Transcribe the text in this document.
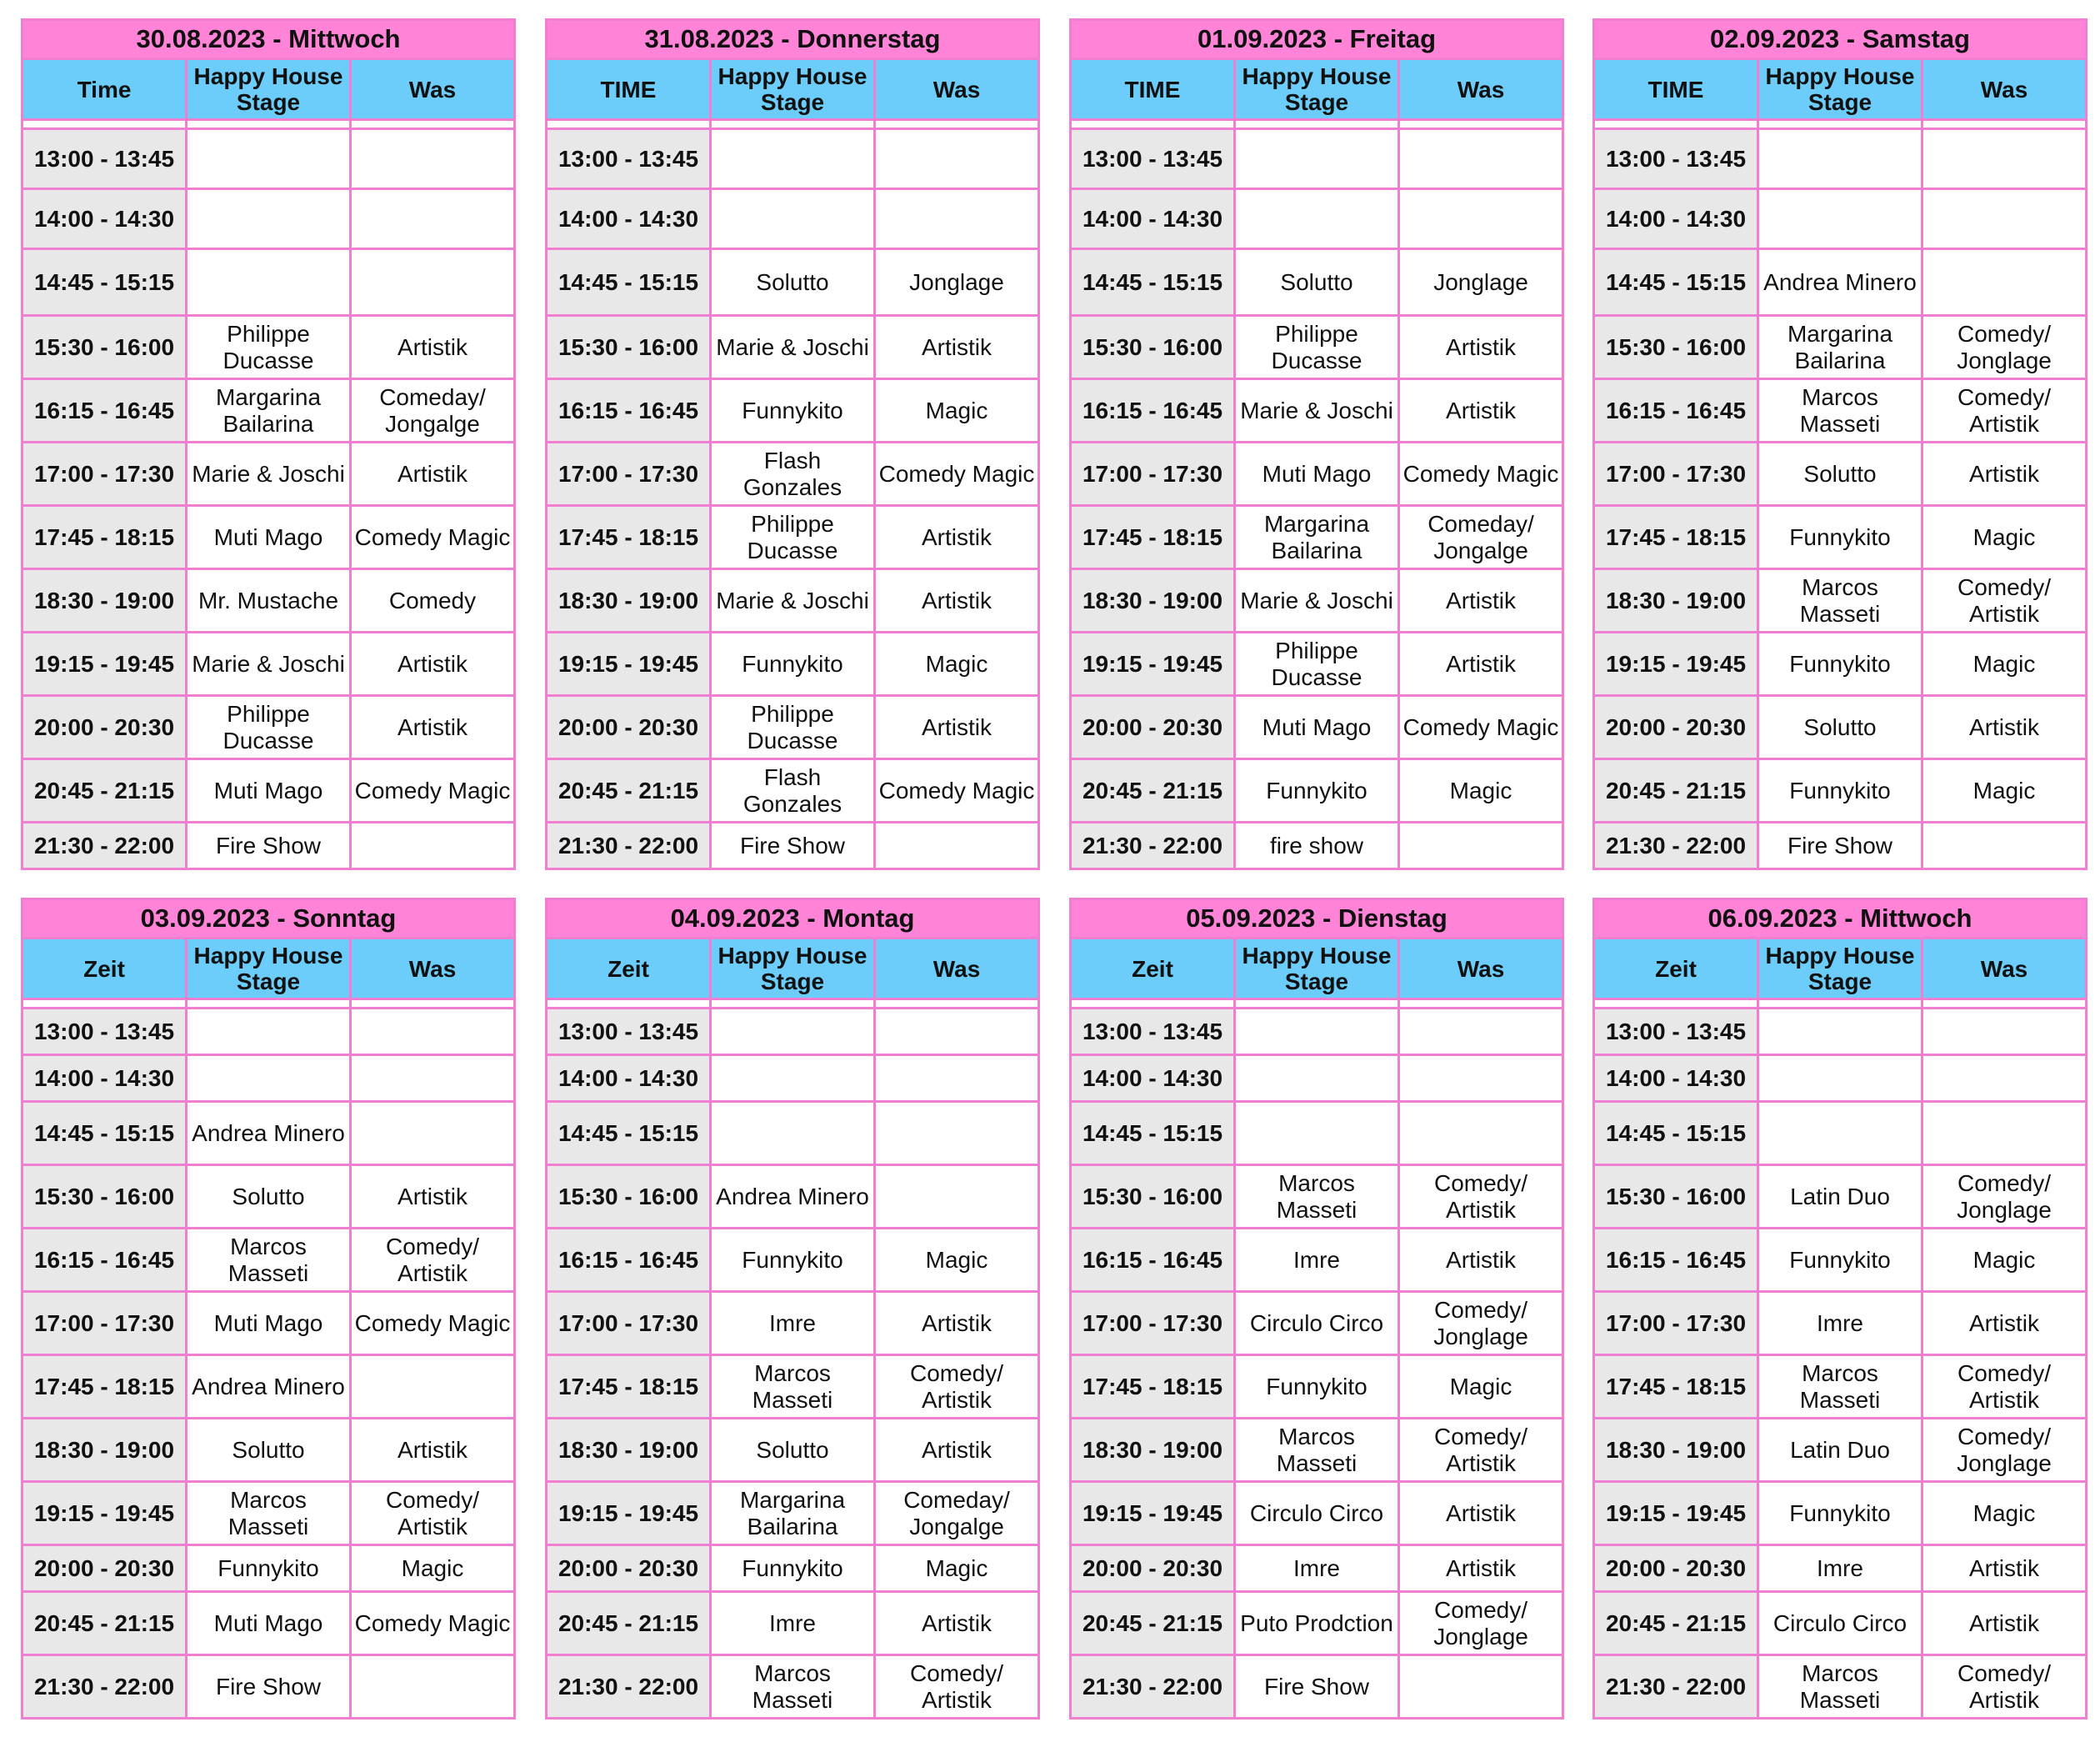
30.08.2023 - Mittwoch		
Time	Happy House Stage	Was

13:00 - 13:45		
14:00 - 14:30		
14:45 - 15:15		
15:30 - 16:00	Philippe Ducasse	Artistik
16:15 - 16:45	Margarina Bailarina	Comeday/ Jongalge
17:00 - 17:30	Marie & Joschi	Artistik
17:45 - 18:15	Muti Mago	Comedy Magic
18:30 - 19:00	Mr. Mustache	Comedy
19:15 - 19:45	Marie & Joschi	Artistik
20:00 - 20:30	Philippe Ducasse	Artistik
20:45 - 21:15	Muti Mago	Comedy Magic
21:30 - 22:00	Fire Show	
31.08.2023 - Donnerstag		
TIME	Happy House Stage	Was

13:00 - 13:45		
14:00 - 14:30		
14:45 - 15:15	Solutto	Jonglage
15:30 - 16:00	Marie & Joschi	Artistik
16:15 - 16:45	Funnykito	Magic
17:00 - 17:30	Flash Gonzales	Comedy Magic
17:45 - 18:15	Philippe Ducasse	Artistik
18:30 - 19:00	Marie & Joschi	Artistik
19:15 - 19:45	Funnykito	Magic
20:00 - 20:30	Philippe Ducasse	Artistik
20:45 - 21:15	Flash Gonzales	Comedy Magic
21:30 - 22:00	Fire Show	
01.09.2023 - Freitag		
TIME	Happy House Stage	Was

13:00 - 13:45		
14:00 - 14:30		
14:45 - 15:15	Solutto	Jonglage
15:30 - 16:00	Philippe Ducasse	Artistik
16:15 - 16:45	Marie & Joschi	Artistik
17:00 - 17:30	Muti Mago	Comedy Magic
17:45 - 18:15	Margarina Bailarina	Comeday/ Jongalge
18:30 - 19:00	Marie & Joschi	Artistik
19:15 - 19:45	Philippe Ducasse	Artistik
20:00 - 20:30	Muti Mago	Comedy Magic
20:45 - 21:15	Funnykito	Magic
21:30 - 22:00	fire show	
02.09.2023 - Samstag		
TIME	Happy House Stage	Was

13:00 - 13:45		
14:00 - 14:30		
14:45 - 15:15	Andrea Minero	
15:30 - 16:00	Margarina Bailarina	Comedy/ Jonglage
16:15 - 16:45	Marcos Masseti	Comedy/ Artistik
17:00 - 17:30	Solutto	Artistik
17:45 - 18:15	Funnykito	Magic
18:30 - 19:00	Marcos Masseti	Comedy/ Artistik
19:15 - 19:45	Funnykito	Magic
20:00 - 20:30	Solutto	Artistik
20:45 - 21:15	Funnykito	Magic
21:30 - 22:00	Fire Show	
03.09.2023 - Sonntag		
Zeit	Happy House Stage	Was

13:00 - 13:45		
14:00 - 14:30		
14:45 - 15:15	Andrea Minero	
15:30 - 16:00	Solutto	Artistik
16:15 - 16:45	Marcos Masseti	Comedy/ Artistik
17:00 - 17:30	Muti Mago	Comedy Magic
17:45 - 18:15	Andrea Minero	
18:30 - 19:00	Solutto	Artistik
19:15 - 19:45	Marcos Masseti	Comedy/ Artistik
20:00 - 20:30	Funnykito	Magic
20:45 - 21:15	Muti Mago	Comedy Magic
21:30 - 22:00	Fire Show	
04.09.2023 - Montag		
Zeit	Happy House Stage	Was

13:00 - 13:45		
14:00 - 14:30		
14:45 - 15:15		
15:30 - 16:00	Andrea Minero	
16:15 - 16:45	Funnykito	Magic
17:00 - 17:30	Imre	Artistik
17:45 - 18:15	Marcos Masseti	Comedy/ Artistik
18:30 - 19:00	Solutto	Artistik
19:15 - 19:45	Margarina Bailarina	Comeday/ Jongalge
20:00 - 20:30	Funnykito	Magic
20:45 - 21:15	Imre	Artistik
21:30 - 22:00	Marcos Masseti	Comedy/ Artistik
05.09.2023 - Dienstag		
Zeit	Happy House Stage	Was

13:00 - 13:45		
14:00 - 14:30		
14:45 - 15:15		
15:30 - 16:00	Marcos Masseti	Comedy/ Artistik
16:15 - 16:45	Imre	Artistik
17:00 - 17:30	Circulo Circo	Comedy/ Jonglage
17:45 - 18:15	Funnykito	Magic
18:30 - 19:00	Marcos Masseti	Comedy/ Artistik
19:15 - 19:45	Circulo Circo	Artistik
20:00 - 20:30	Imre	Artistik
20:45 - 21:15	Puto Prodction	Comedy/ Jonglage
21:30 - 22:00	Fire Show	
06.09.2023 - Mittwoch		
Zeit	Happy House Stage	Was

13:00 - 13:45		
14:00 - 14:30		
14:45 - 15:15		
15:30 - 16:00	Latin Duo	Comedy/ Jonglage
16:15 - 16:45	Funnykito	Magic
17:00 - 17:30	Imre	Artistik
17:45 - 18:15	Marcos Masseti	Comedy/ Artistik
18:30 - 19:00	Latin Duo	Comedy/ Jonglage
19:15 - 19:45	Funnykito	Magic
20:00 - 20:30	Imre	Artistik
20:45 - 21:15	Circulo Circo	Artistik
21:30 - 22:00	Marcos Masseti	Comedy/ Artistik
